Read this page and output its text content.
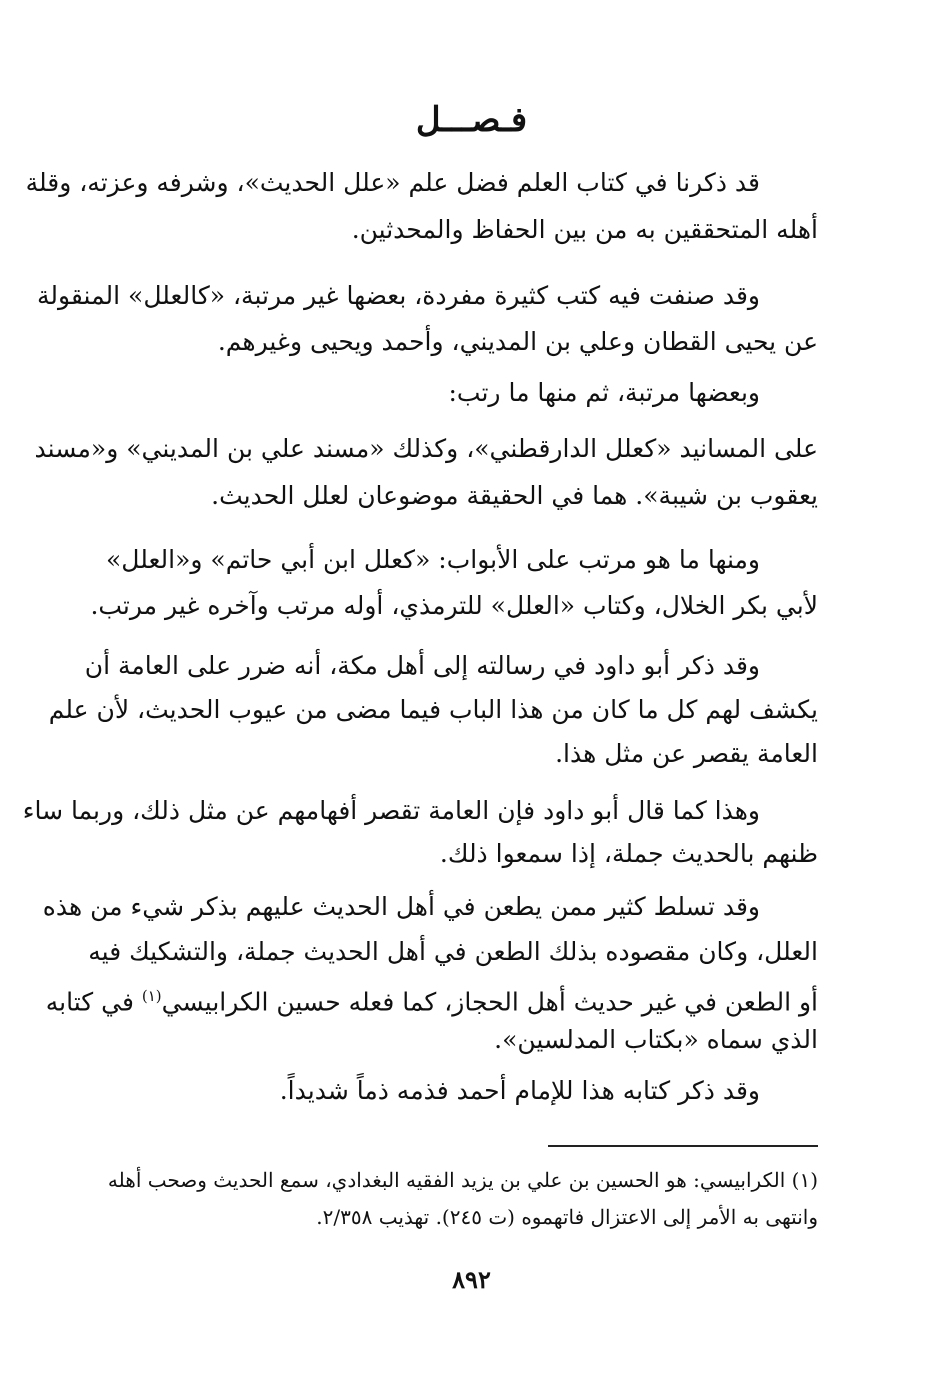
فـصـــل
قد ذكرنا في كتاب العلم فضل علم «علل الحديث»، وشرفه وعزته، وقلة
أهله المتحققين به من بين الحفاظ والمحدثين.
وقد صنفت فيه كتب كثيرة مفردة، بعضها غير مرتبة، «كالعلل» المنقولة
عن يحيى القطان وعلي بن المديني، وأحمد ويحيى وغيرهم.
وبعضها مرتبة، ثم منها ما رتب:
على المسانيد «كعلل الدارقطني»، وكذلك «مسند علي بن المديني» و«مسند
يعقوب بن شيبة». هما في الحقيقة موضوعان لعلل الحديث.
ومنها ما هو مرتب على الأبواب: «كعلل ابن أبي حاتم» و«العلل»
لأبي بكر الخلال، وكتاب «العلل» للترمذي، أوله مرتب وآخره غير مرتب.
وقد ذكر أبو داود في رسالته إلى أهل مكة، أنه ضرر على العامة أن
يكشف لهم كل ما كان من هذا الباب فيما مضى من عيوب الحديث، لأن علم
العامة يقصر عن مثل هذا.
وهذا كما قال أبو داود فإن العامة تقصر أفهامهم عن مثل ذلك، وربما ساء
ظنهم بالحديث جملة، إذا سمعوا ذلك.
وقد تسلط كثير ممن يطعن في أهل الحديث عليهم بذكر شيء من هذه
العلل، وكان مقصوده بذلك الطعن في أهل الحديث جملة، والتشكيك فيه
أو الطعن في غير حديث أهل الحجاز، كما فعله حسين الكرابيسي$^{(١)}$ في كتابه
الذي سماه «بكتاب المدلسين».
وقد ذكر كتابه هذا للإمام أحمد فذمه ذماً شديداً.
(١) الكرابيسي: هو الحسين بن علي بن يزيد الفقيه البغدادي، سمع الحديث وصحب أهله
وانتهى به الأمر إلى الاعتزال فاتهموه (ت ٢٤٥). تهذيب ٢/٣٥٨.
٨٩٢
